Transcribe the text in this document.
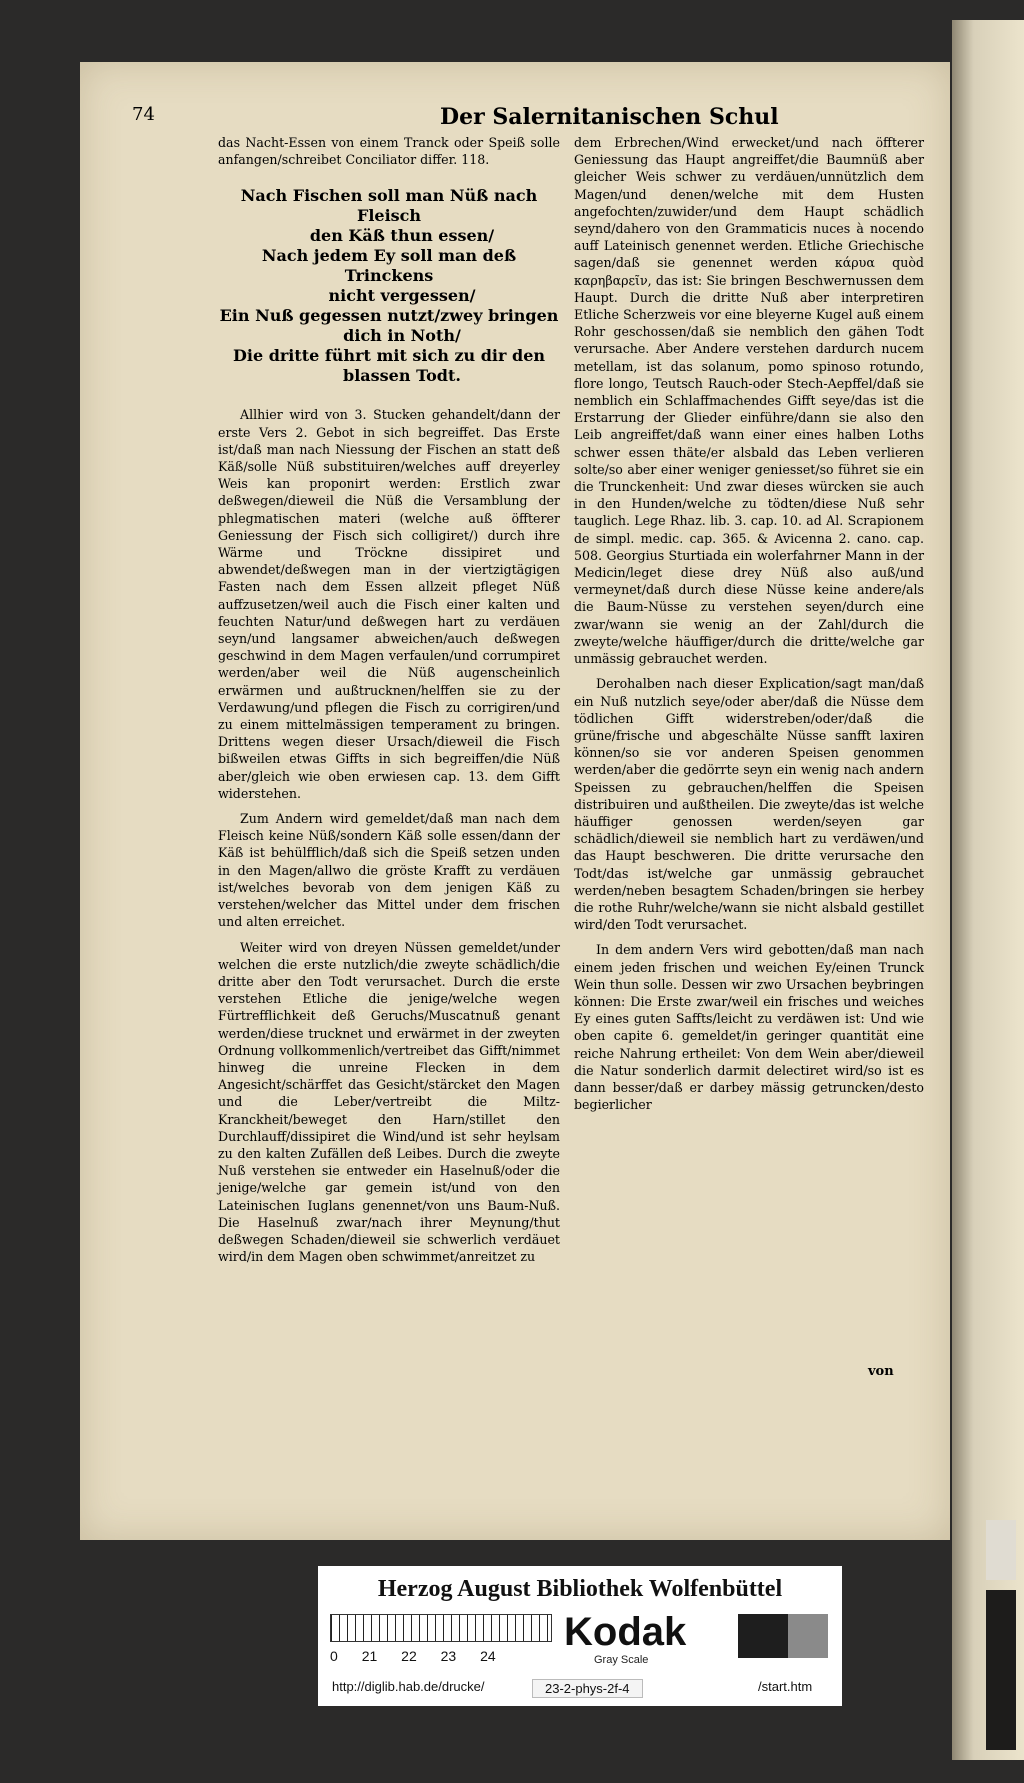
74	Der Salernitanischen Schul

das Nacht-Essen von einem Tranck oder Speiß solle anfangen/schreibet Conciliator differ. 118.

Nach Fischen soll man Nüß nach Fleisch
den Käß thun essen/
Nach jedem Ey soll man deß Trinckens
nicht vergessen/
Ein Nuß gegessen nutzt/zwey bringen
dich in Noth/
Die dritte führt mit sich zu dir den
blassen Todt.

Allhier wird von 3. Stucken gehandelt/dann der erste Vers 2. Gebot in sich begreiffet. Das Erste ist/daß man nach Niessung der Fischen an statt deß Käß/solle Nüß substituiren/welches auff dreyerley Weis kan proponirt werden: Erstlich zwar deßwegen/dieweil die Nüß die Versamblung der phlegmatischen materi (welche auß öffterer Geniessung der Fisch sich colligiret/) durch ihre Wärme und Tröckne dissipiret und abwendet/deßwegen man in der viertzigtägigen Fasten nach dem Essen allzeit pfleget Nüß auffzusetzen/weil auch die Fisch einer kalten und feuchten Natur/und deßwegen hart zu verdäuen seyn/und langsamer abweichen/auch deßwegen geschwind in dem Magen verfaulen/und corrumpiret werden/aber weil die Nüß augenscheinlich erwärmen und außtrucknen/helffen sie zu der Verdawung/und pflegen die Fisch zu corrigiren/und zu einem mittelmässigen temperament zu bringen. Drittens wegen dieser Ursach/dieweil die Fisch bißweilen etwas Giffts in sich begreiffen/die Nüß aber/gleich wie oben erwiesen cap. 13. dem Gifft widerstehen.

Zum Andern wird gemeldet/daß man nach dem Fleisch keine Nüß/sondern Käß solle essen/dann der Käß ist behülfflich/daß sich die Speiß setzen unden in den Magen/allwo die gröste Krafft zu verdäuen ist/welches bevorab von dem jenigen Käß zu verstehen/welcher das Mittel under dem frischen und alten erreichet.

Weiter wird von dreyen Nüssen gemeldet/under welchen die erste nutzlich/die zweyte schädlich/die dritte aber den Todt verursachet. Durch die erste verstehen Etliche die jenige/welche wegen Fürtrefflichkeit deß Geruchs/Muscatnuß genant werden/diese trucknet und erwärmet in der zweyten Ordnung vollkommenlich/vertreibet das Gifft/nimmet hinweg die unreine Flecken in dem Angesicht/schärffet das Gesicht/stärcket den Magen und die Leber/vertreibt die Miltz-Kranckheit/beweget den Harn/stillet den Durchlauff/dissipiret die Wind/und ist sehr heylsam zu den kalten Zufällen deß Leibes. Durch die zweyte Nuß verstehen sie entweder ein Haselnuß/oder die jenige/welche gar gemein ist/und von den Lateinischen Iuglans genennet/von uns Baum-Nuß. Die Haselnuß zwar/nach ihrer Meynung/thut deßwegen Schaden/dieweil sie schwerlich verdäuet wird/in dem Magen oben schwimmet/anreitzet zu

dem Erbrechen/Wind erwecket/und nach öffterer Geniessung das Haupt angreiffet/die Baumnüß aber gleicher Weis schwer zu verdäuen/unnützlich dem Magen/und denen/welche mit dem Husten angefochten/zuwider/und dem Haupt schädlich seynd/dahero von den Grammaticis nuces à nocendo auff Lateinisch genennet werden. Etliche Griechische sagen/daß sie genennet werden κάρυα quòd καρηβαρεῖν, das ist: Sie bringen Beschwernussen dem Haupt. Durch die dritte Nuß aber interpretiren Etliche Scherzweis vor eine bleyerne Kugel auß einem Rohr geschossen/daß sie nemblich den gähen Todt verursache. Aber Andere verstehen dardurch nucem metellam, ist das solanum, pomo spinoso rotundo, flore longo, Teutsch Rauch-oder Stech-Aepffel/daß sie nemblich ein Schlaffmachendes Gifft seye/das ist die Erstarrung der Glieder einführe/dann sie also den Leib angreiffet/daß wann einer eines halben Loths schwer essen thäte/er alsbald das Leben verlieren solte/so aber einer weniger geniesset/so führet sie ein die Trunckenheit: Und zwar dieses würcken sie auch in den Hunden/welche zu tödten/diese Nuß sehr tauglich. Lege Rhaz. lib. 3. cap. 10. ad Al. Scrapionem de simpl. medic. cap. 365. & Avicenna 2. cano. cap. 508. Georgius Sturtiada ein wolerfahrner Mann in der Medicin/leget diese drey Nüß also auß/und vermeynet/daß durch diese Nüsse keine andere/als die Baum-Nüsse zu verstehen seyen/durch eine zwar/wann sie wenig an der Zahl/durch die zweyte/welche häuffiger/durch die dritte/welche gar unmässig gebrauchet werden.

Derohalben nach dieser Explication/sagt man/daß ein Nuß nutzlich seye/oder aber/daß die Nüsse dem tödlichen Gifft widerstreben/oder/daß die grüne/frische und abgeschälte Nüsse sanfft laxiren können/so sie vor anderen Speisen genommen werden/aber die gedörrte seyn ein wenig nach andern Speissen zu gebrauchen/helffen die Speisen distribuiren und außtheilen. Die zweyte/das ist welche häuffiger genossen werden/seyen gar schädlich/dieweil sie nemblich hart zu verdäwen/und das Haupt beschweren. Die dritte verursache den Todt/das ist/welche gar unmässig gebrauchet werden/neben besagtem Schaden/bringen sie herbey die rothe Ruhr/welche/wann sie nicht alsbald gestillet wird/den Todt verursachet.

In dem andern Vers wird gebotten/daß man nach einem jeden frischen und weichen Ey/einen Trunck Wein thun solle. Dessen wir zwo Ursachen beybringen können: Die Erste zwar/weil ein frisches und weiches Ey eines guten Saffts/leicht zu verdäwen ist: Und wie oben capite 6. gemeldet/in geringer quantität eine reiche Nahrung ertheilet: Von dem Wein aber/dieweil die Natur sonderlich darmit delectiret wird/so ist es dann besser/daß er darbey mässig getruncken/desto begierlicher

von
Herzog August Bibliothek Wolfenbüttel
0 21 22 23 24
Kodak
Gray Scale
http://diglib.hab.de/drucke/	23-2-phys-2f-4	/start.htm
